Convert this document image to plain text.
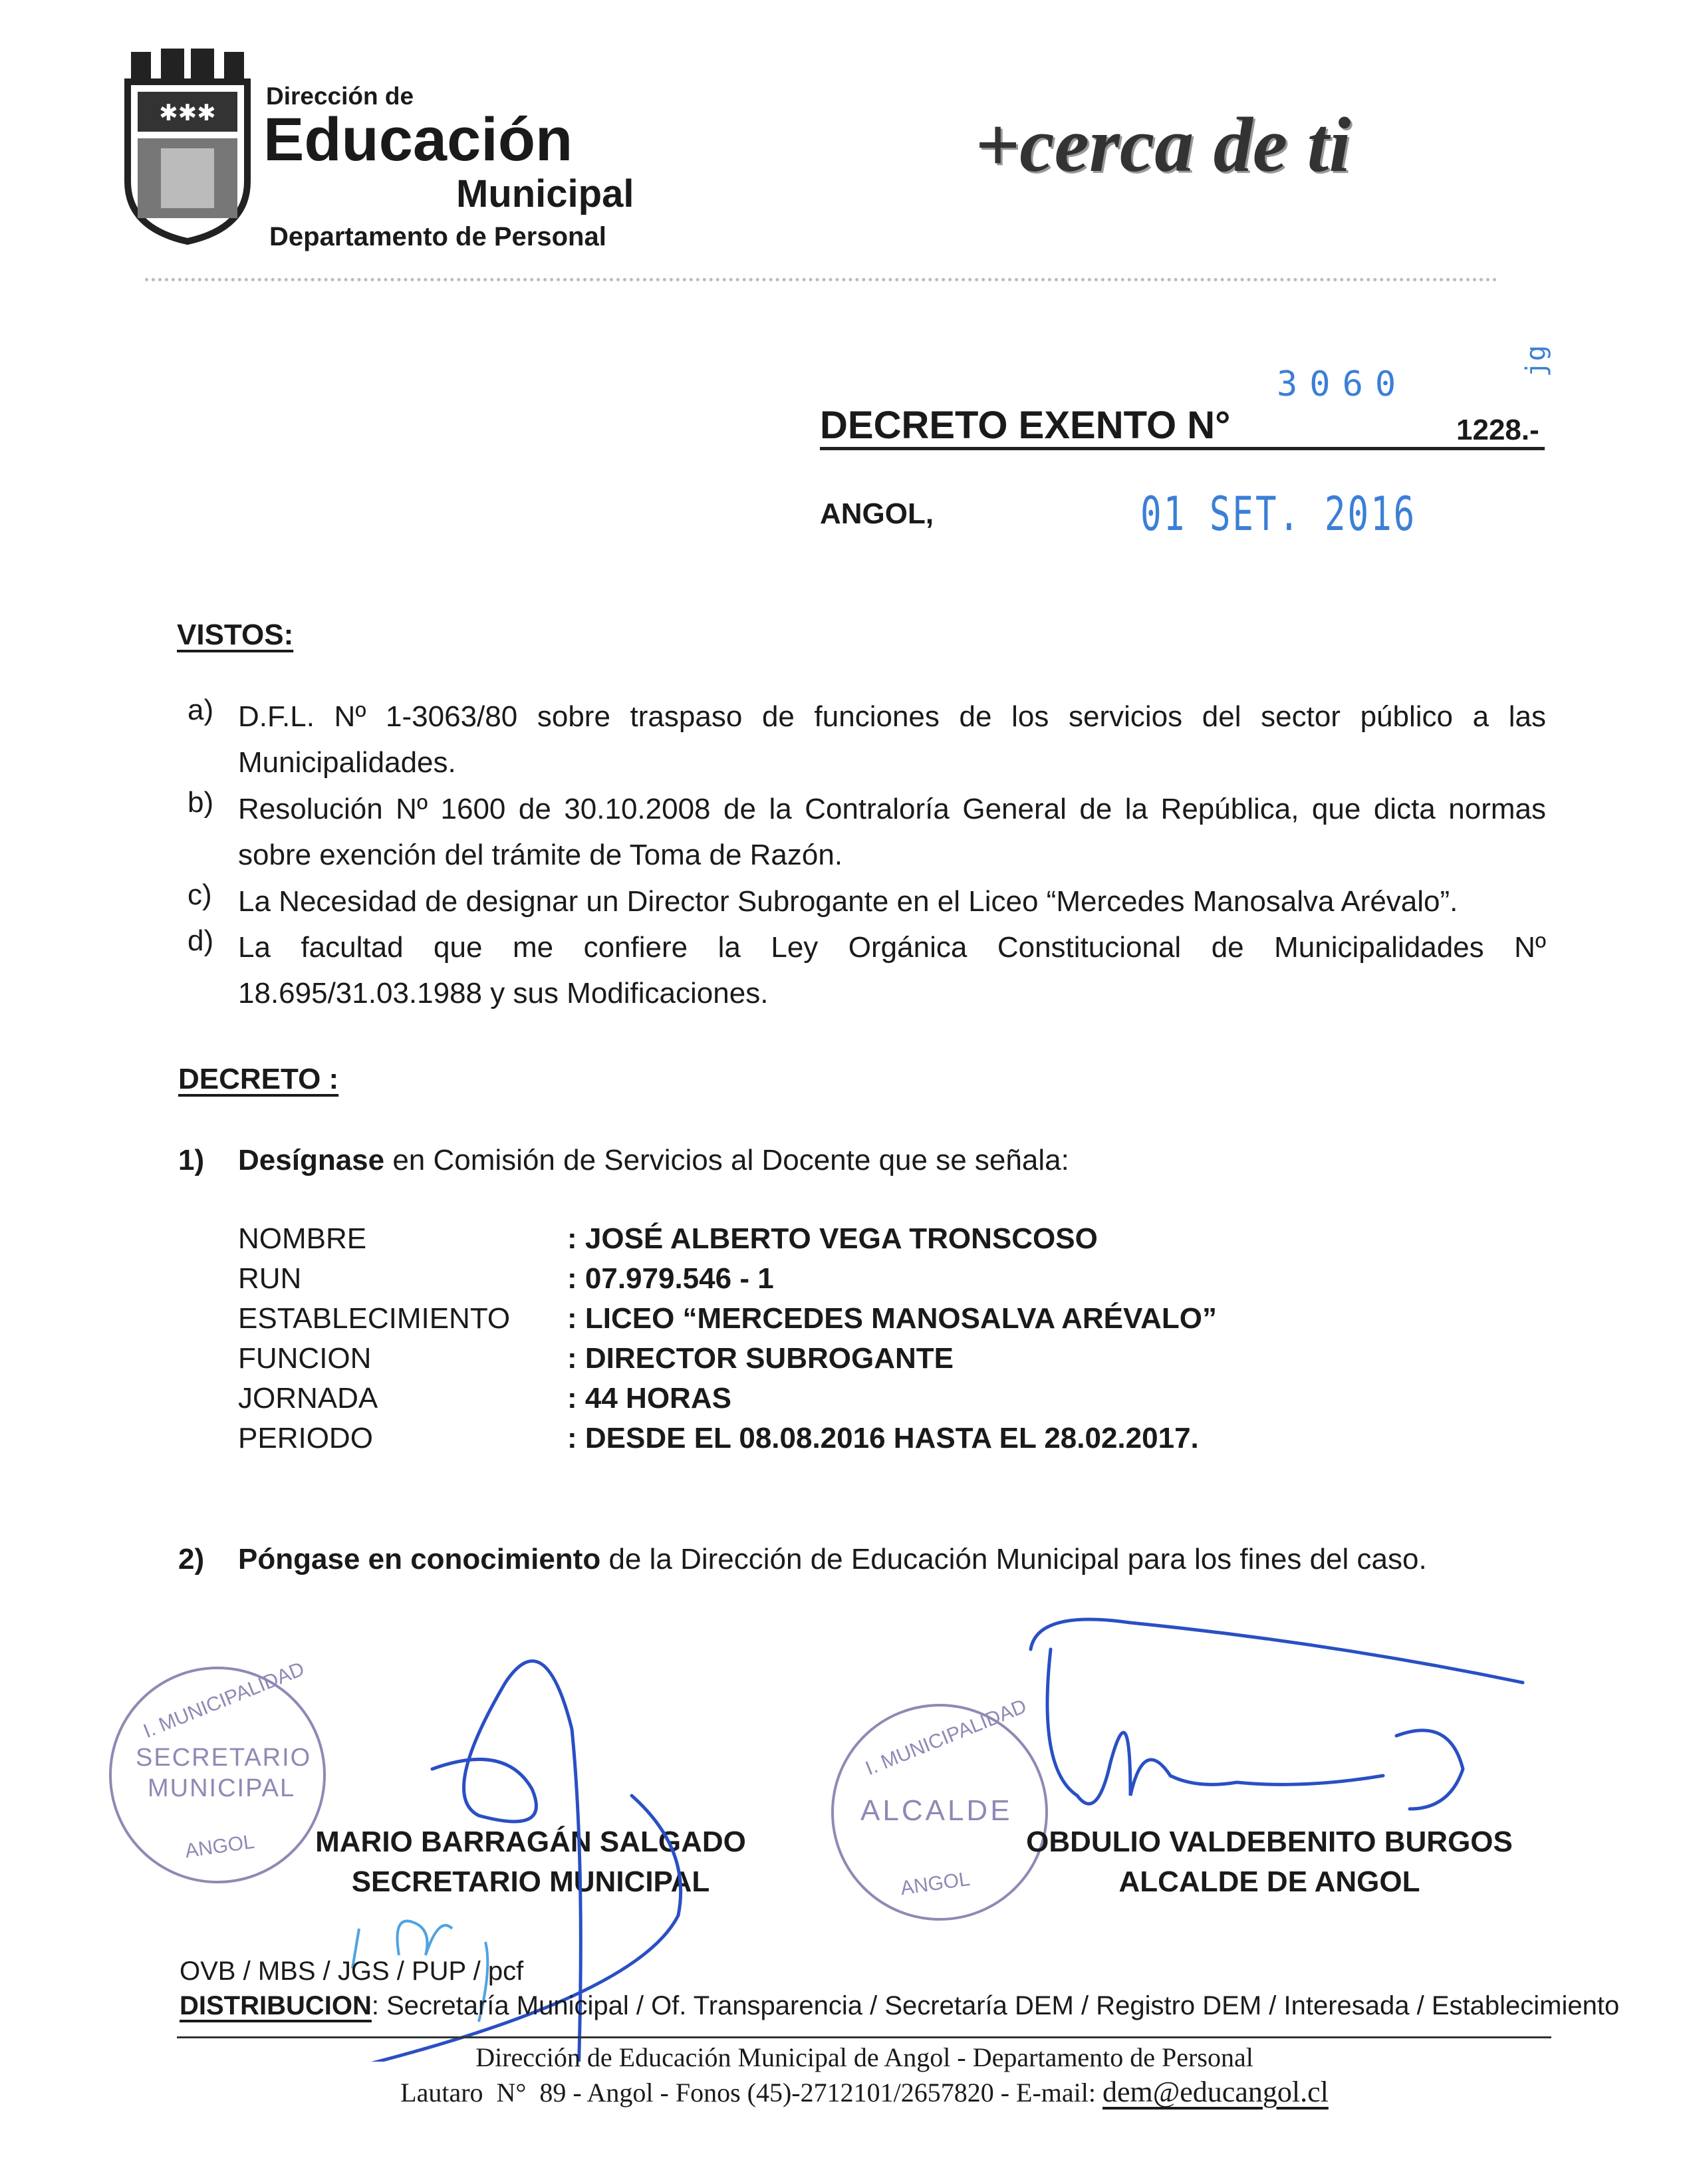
✱✱✱
Dirección de
Educación
Municipal
Departamento de Personal
+cerca de ti
3060
jg
DECRETO EXENTO N°	1228.-
ANGOL,	01 SET. 2016
VISTOS:
a) D.F.L. Nº 1-3063/80 sobre traspaso de funciones de los servicios del sector público a las Municipalidades.
b) Resolución Nº 1600 de 30.10.2008 de la Contraloría General de la República, que dicta normas sobre exención del trámite de Toma de Razón.
c) La Necesidad de designar un Director Subrogante en el Liceo “Mercedes Manosalva Arévalo”.
d) La facultad que me confiere la Ley Orgánica Constitucional de Municipalidades Nº 18.695/31.03.1988 y sus Modificaciones.
DECRETO :
1) Desígnase en Comisión de Servicios al Docente que se señala:
NOMBRE	: JOSÉ ALBERTO VEGA TRONSCOSO
RUN	: 07.979.546 - 1
ESTABLECIMIENTO : LICEO “MERCEDES MANOSALVA ARÉVALO”
FUNCION	: DIRECTOR SUBROGANTE
JORNADA	: 44 HORAS
PERIODO	: DESDE EL 08.08.2016 HASTA EL 28.02.2017.
2) Póngase en conocimiento de la Dirección de Educación Municipal para los fines del caso.
I. MUNICIPALIDAD
SECRETARIO
MUNICIPAL
ANGOL
I. MUNICIPALIDAD
ALCALDE
ANGOL
MARIO BARRAGÁN SALGADO
SECRETARIO MUNICIPAL
OBDULIO VALDEBENITO BURGOS
ALCALDE DE ANGOL
OVB / MBS / JGS / PUP / pcf
DISTRIBUCION: Secretaría Municipal / Of. Transparencia / Secretaría DEM / Registro DEM / Interesada / Establecimiento
Dirección de Educación Municipal de Angol - Departamento de Personal
Lautaro  N°  89 - Angol - Fonos (45)-2712101/2657820 - E-mail: dem@educangol.cl
